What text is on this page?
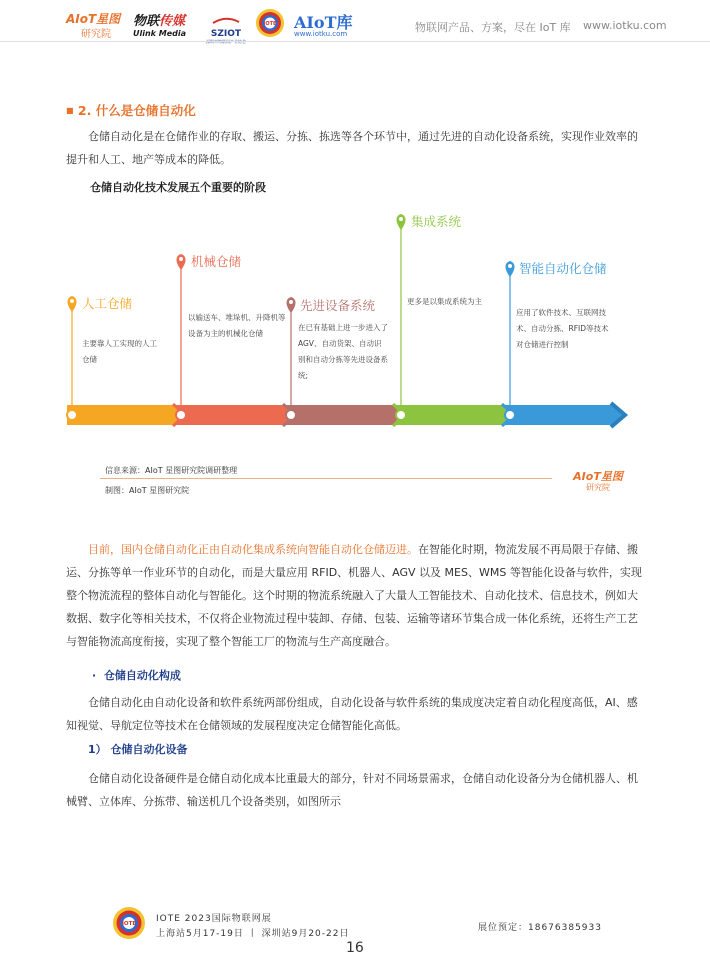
AIoT星图
研究院
物联传媒
Ulink Media	SZIOT
IOTE AIoT库
www.iotku.com	物联网产品、方案，尽在 IoT 库 www.iotku.com
■ 2. 什么是仓储自动化

仓储自动化是在仓储作业的存取、搬运、分拣、拣选等各个环节中，通过先进的自动化设备系统，实现作业效率的提升和人工、地产等成本的降低。

仓储自动化技术发展五个重要的阶段
人工仓储
机械仓储
先进设备系统
集成系统
智能自动化仓储
主要靠人工实现的人工仓储
以输送车、堆垛机、升降机等设备为主的机械化仓储
在已有基础上进一步进入了AGV、自动货架、自动识别和自动分拣等先进设备系统;
更多是以集成系统为主
应用了软件技术、互联网技术、自动分拣、RFID等技术对仓储进行控制
信息来源：AIoT 星图研究院调研整理
制图：AIoT 星图研究院
AIoT星图
研究院

目前，国内仓储自动化正由自动化集成系统向智能自动化仓储迈进。在智能化时期，物流发展不再局限于存储、搬运、分拣等单一作业环节的自动化，而是大量应用 RFID、机器人、AGV 以及 MES、WMS 等智能化设备与软件，实现整个物流流程的整体自动化与智能化。这个时期的物流系统融入了大量人工智能技术、自动化技术、信息技术，例如大数据、数字化等相关技术，不仅将企业物流过程中装卸、存储、包装、运输等诸环节集合成一体化系统，还将生产工艺与智能物流高度衔接，实现了整个智能工厂的物流与生产高度融合。

· 仓储自动化构成

仓储自动化由自动化设备和软件系统两部份组成，自动化设备与软件系统的集成度决定着自动化程度高低，AI、感知视觉、导航定位等技术在仓储领域的发展程度决定仓储智能化高低。

1） 仓储自动化设备

仓储自动化设备硬件是仓储自动化成本比重最大的部分，针对不同场景需求，仓储自动化设备分为仓储机器人、机械臂、立体库、分拣带、输送机几个设备类别，如图所示

IOTE IOTE 2023国际物联网展
上海站5月17-19日 丨 深圳站9月20-22日
展位预定：18676385933
16
